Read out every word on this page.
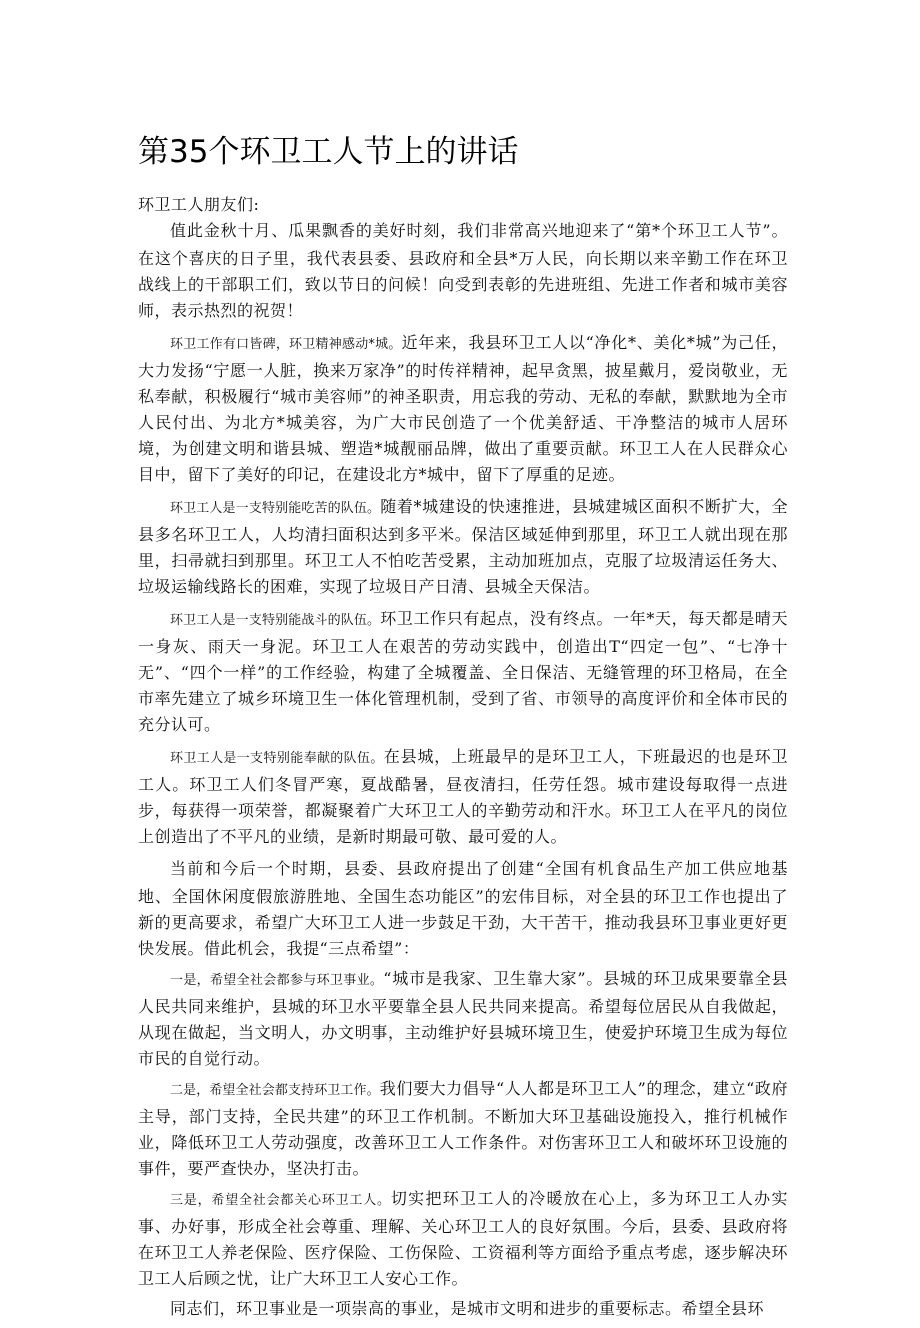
第35个环卫工人节上的讲话

环卫工人朋友们:

值此金秋十月、瓜果飘香的美好时刻，我们非常高兴地迎来了“第*个环卫工人节”。在这个喜庆的日子里，我代表县委、县政府和全县*万人民，向长期以来辛勤工作在环卫战线上的干部职工们，致以节日的问候！向受到表彰的先进班组、先进工作者和城市美容师，表示热烈的祝贺！

环卫工作有口皆碑，环卫精神感动*城。近年来，我县环卫工人以“净化*、美化*城”为己任，大力发扬“宁愿一人脏，换来万家净”的时传祥精神，起早贪黑，披星戴月，爱岗敬业，无私奉献，积极履行“城市美容师”的神圣职责，用忘我的劳动、无私的奉献，默默地为全市人民付出、为北方*城美容，为广大市民创造了一个优美舒适、干净整洁的城市人居环境，为创建文明和谐县城、塑造*城靓丽品牌，做出了重要贡献。环卫工人在人民群众心目中，留下了美好的印记，在建设北方*城中，留下了厚重的足迹。

环卫工人是一支特别能吃苦的队伍。随着*城建设的快速推进，县城建城区面积不断扩大，全县多名环卫工人，人均清扫面积达到多平米。保洁区域延伸到那里，环卫工人就出现在那里，扫帚就扫到那里。环卫工人不怕吃苦受累，主动加班加点，克服了垃圾清运任务大、垃圾运输线路长的困难，实现了垃圾日产日清、县城全天保洁。

环卫工人是一支特别能战斗的队伍。环卫工作只有起点，没有终点。一年*天，每天都是晴天一身灰、雨天一身泥。环卫工人在艰苦的劳动实践中，创造出T“四定一包”、“七净十无”、“四个一样”的工作经验，构建了全城覆盖、全日保洁、无缝管理的环卫格局，在全市率先建立了城乡环境卫生一体化管理机制，受到了省、市领导的高度评价和全体市民的充分认可。

环卫工人是一支特别能奉献的队伍。在县城，上班最早的是环卫工人，下班最迟的也是环卫工人。环卫工人们冬冒严寒，夏战酷暑，昼夜清扫，任劳任怨。城市建设每取得一点进步，每获得一项荣誉，都凝聚着广大环卫工人的辛勤劳动和汗水。环卫工人在平凡的岗位上创造出了不平凡的业绩，是新时期最可敬、最可爱的人。

当前和今后一个时期，县委、县政府提出了创建“全国有机食品生产加工供应地基地、全国休闲度假旅游胜地、全国生态功能区”的宏伟目标，对全县的环卫工作也提出了新的更高要求，希望广大环卫工人进一步鼓足干劲，大干苦干，推动我县环卫事业更好更快发展。借此机会，我提“三点希望”：

一是，希望全社会都参与环卫事业。“城市是我家、卫生靠大家”。县城的环卫成果要靠全县人民共同来维护，县城的环卫水平要靠全县人民共同来提高。希望每位居民从自我做起，从现在做起，当文明人，办文明事，主动维护好县城环境卫生，使爱护环境卫生成为每位市民的自觉行动。

二是，希望全社会都支持环卫工作。我们要大力倡导“人人都是环卫工人”的理念，建立“政府主导，部门支持，全民共建”的环卫工作机制。不断加大环卫基础设施投入，推行机械作业，降低环卫工人劳动强度，改善环卫工人工作条件。对伤害环卫工人和破坏环卫设施的事件，要严查快办，坚决打击。

三是，希望全社会都关心环卫工人。切实把环卫工人的冷暖放在心上，多为环卫工人办实事、办好事，形成全社会尊重、理解、关心环卫工人的良好氛围。今后，县委、县政府将在环卫工人养老保险、医疗保险、工伤保险、工资福利等方面给予重点考虑，逐步解决环卫工人后顾之忧，让广大环卫工人安心工作。

同志们，环卫事业是一项崇高的事业，是城市文明和进步的重要标志。希望全县环
